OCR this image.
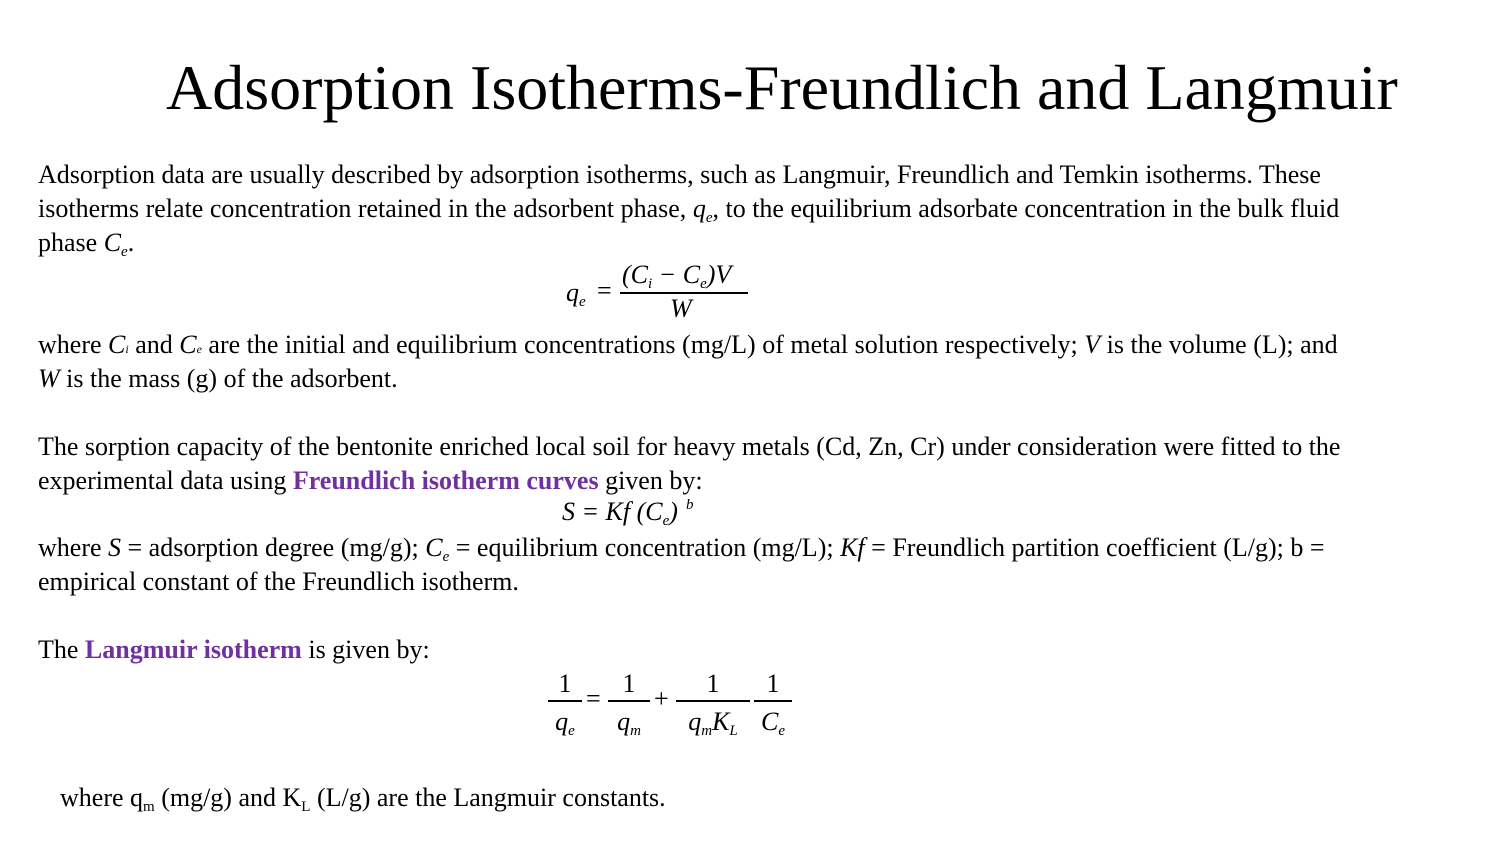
Adsorption Isotherms-Freundlich and Langmuir
Adsorption data are usually described by adsorption isotherms, such as Langmuir, Freundlich and Temkin isotherms. These
isotherms relate concentration retained in the adsorbent phase, $q_e$, to the equilibrium adsorbate concentration in the bulk fluid
phase $C_e$.
$q_e$ =
$(C_i - C_e)V$
W
where Ci and Ce are the initial and equilibrium concentrations (mg/L) of metal solution respectively; V is the volume (L); and
W is the mass (g) of the adsorbent.
The sorption capacity of the bentonite enriched local soil for heavy metals (Cd, Zn, Cr) under consideration were fitted to the
experimental data using Freundlich isotherm curves given by:
S = Kf $(C_e)$ $^b$
where S = adsorption degree (mg/g); $C_e$ = equilibrium concentration (mg/L); Kf = Freundlich partition coefficient (L/g); b =
empirical constant of the Freundlich isotherm.
The Langmuir isotherm is given by:
1
$q_e$
=
1
$q_m$
+
1
$q_mK_L$
1
$C_e$
where $q_m$ (mg/g) and $K_L$ (L/g) are the Langmuir constants.
